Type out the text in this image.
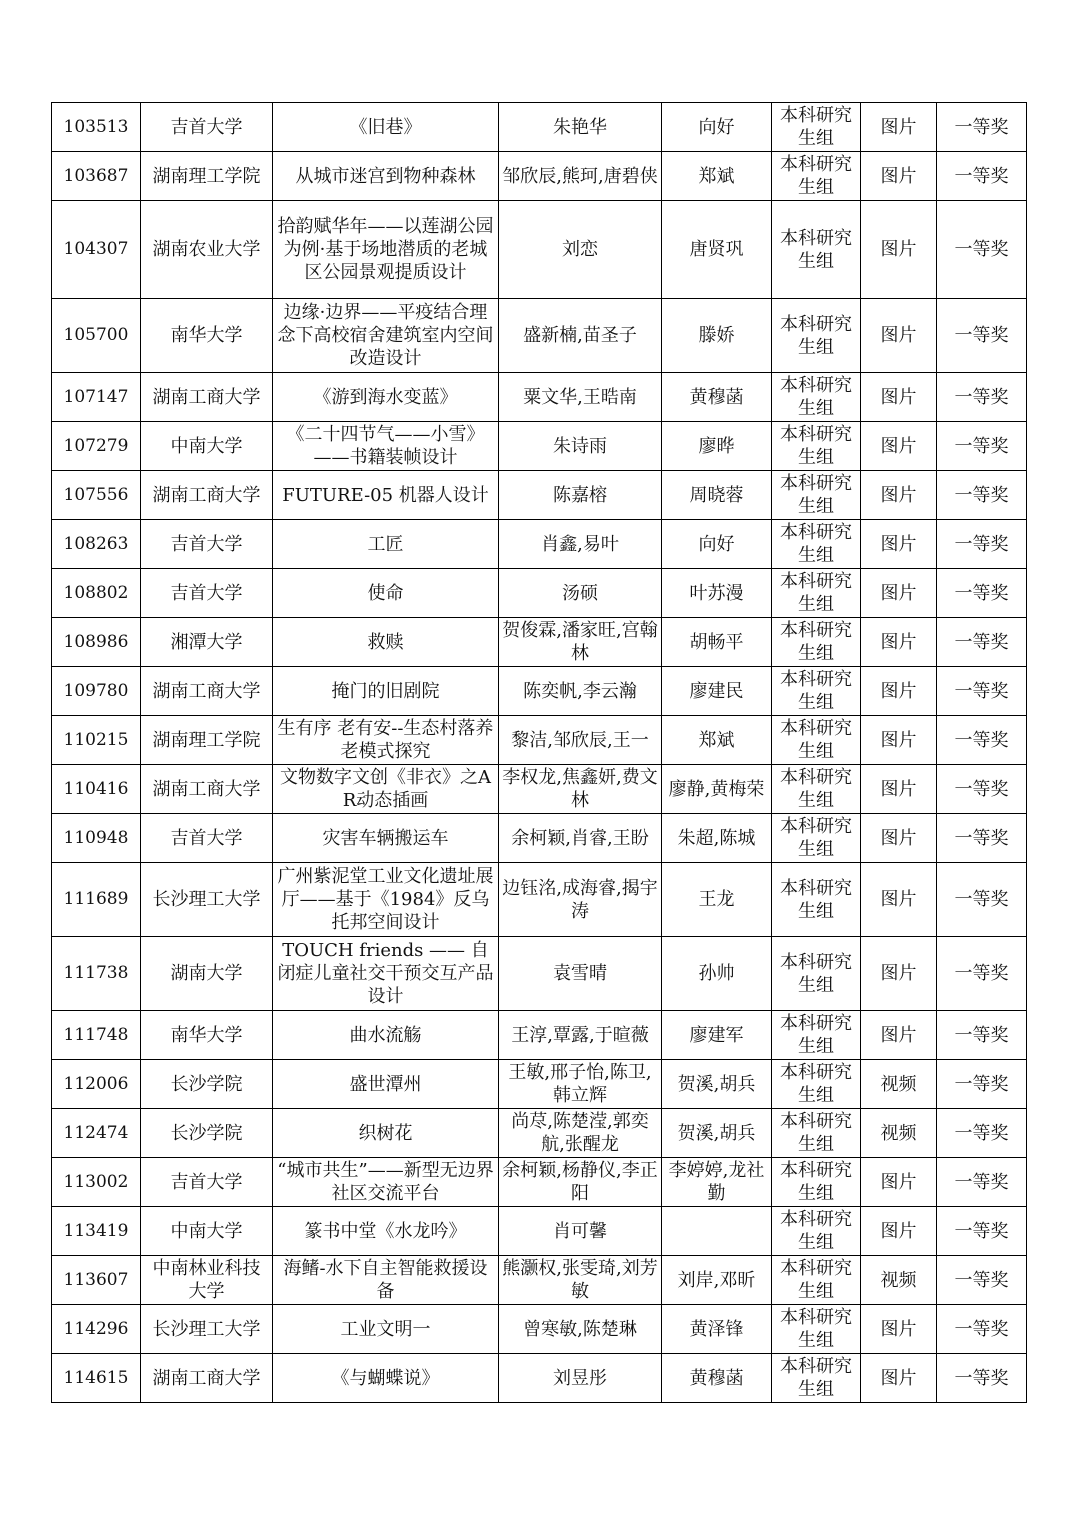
103513	吉首大学	《旧巷》	朱艳华	向好	本科研究生组	图片	一等奖
103687	湖南理工学院	从城市迷宫到物种森林	邹欣辰,熊珂,唐碧侠	郑斌	本科研究生组	图片	一等奖
104307	湖南农业大学	拾韵赋华年——以莲湖公园为例·基于场地潜质的老城区公园景观提质设计	刘恋	唐贤巩	本科研究生组	图片	一等奖
105700	南华大学	边缘·边界——平疫结合理念下高校宿舍建筑室内空间改造设计	盛新楠,苗圣子	滕娇	本科研究生组	图片	一等奖
107147	湖南工商大学	《游到海水变蓝》	粟文华,王晧南	黄穆菡	本科研究生组	图片	一等奖
107279	中南大学	《二十四节气——小雪》——书籍装帧设计	朱诗雨	廖晔	本科研究生组	图片	一等奖
107556	湖南工商大学	FUTURE-05 机器人设计	陈嘉榕	周晓蓉	本科研究生组	图片	一等奖
108263	吉首大学	工匠	肖鑫,易叶	向好	本科研究生组	图片	一等奖
108802	吉首大学	使命	汤硕	叶苏漫	本科研究生组	图片	一等奖
108986	湘潭大学	救赎	贺俊霖,潘家旺,宫翰林	胡畅平	本科研究生组	图片	一等奖
109780	湖南工商大学	掩门的旧剧院	陈奕帆,李云瀚	廖建民	本科研究生组	图片	一等奖
110215	湖南理工学院	生有序 老有安--生态村落养老模式探究	黎洁,邹欣辰,王一	郑斌	本科研究生组	图片	一等奖
110416	湖南工商大学	文物数字文创《非衣》之AR动态插画	李权龙,焦鑫妍,费文林	廖静,黄梅荣	本科研究生组	图片	一等奖
110948	吉首大学	灾害车辆搬运车	余柯颖,肖睿,王盼	朱超,陈城	本科研究生组	图片	一等奖
111689	长沙理工大学	广州紫泥堂工业文化遗址展厅——基于《1984》反乌托邦空间设计	边钰洺,成海睿,揭宇涛	王龙	本科研究生组	图片	一等奖
111738	湖南大学	TOUCH friends —— 自闭症儿童社交干预交互产品设计	袁雪晴	孙帅	本科研究生组	图片	一等奖
111748	南华大学	曲水流觞	王淳,覃露,于暄薇	廖建军	本科研究生组	图片	一等奖
112006	长沙学院	盛世潭州	王敏,邢子怡,陈卫,韩立辉	贺溪,胡兵	本科研究生组	视频	一等奖
112474	长沙学院	织树花	尚荩,陈楚滢,郭奕航,张醒龙	贺溪,胡兵	本科研究生组	视频	一等奖
113002	吉首大学	“城市共生”——新型无边界社区交流平台	余柯颖,杨静仪,李正阳	李婷婷,龙社勤	本科研究生组	图片	一等奖
113419	中南大学	篆书中堂《水龙吟》	肖可馨		本科研究生组	图片	一等奖
113607	中南林业科技大学	海鳍-水下自主智能救援设备	熊灏权,张雯琦,刘芳敏	刘岸,邓昕	本科研究生组	视频	一等奖
114296	长沙理工大学	工业文明一	曾寒敏,陈楚琳	黄泽锋	本科研究生组	图片	一等奖
114615	湖南工商大学	《与蝴蝶说》	刘昱彤	黄穆菡	本科研究生组	图片	一等奖
